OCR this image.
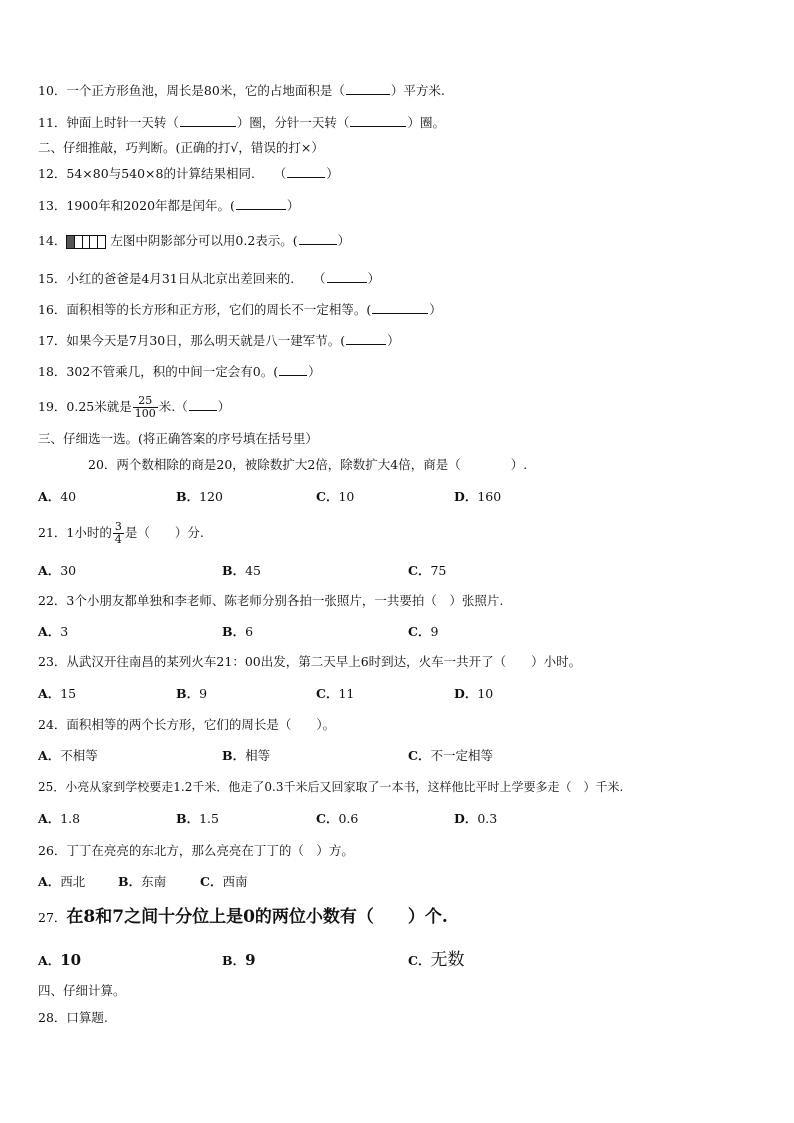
10．一个正方形鱼池，周长是80米，它的占地面积是（	）平方米.
11．钟面上时针一天转（	）圈，分针一天转（	）圈。
二、仔细推敲，巧判断。(正确的打√，错误的打×）
12．54×80与540×8的计算结果相同.　　（	）
13．1900年和2020年都是闰年。(	）
14．	左图中阴影部分可以用0.2表示。(	）
15．小红的爸爸是4月31日从北京出差回来的.　　（	）
16．面积相等的长方形和正方形，它们的周长不一定相等。(	）
17．如果今天是7月30日，那么明天就是八一建军节。(	）
18．302不管乘几，积的中间一定会有0。( ）
19．0.25米就是 $\frac{25}{100}$ 米.（ ）
三、仔细选一选。(将正确答案的序号填在括号里）
20．两个数相除的商是20，被除数扩大2倍，除数扩大4倍，商是（　　　　）.
A．40	B．120	C．10	D．160
21．1小时的 $\frac{3}{4}$ 是（　　）分.
A．30	B．45	C．75
22．3个小朋友都单独和李老师、陈老师分别各拍一张照片，一共要拍（　）张照片.
A．3	B．6	C．9
23．从武汉开往南昌的某列火车21：00出发，第二天早上6时到达，火车一共开了（　　）小时。
A．15	B．9	C．11	D．10
24．面积相等的两个长方形，它们的周长是（　　）。
A．不相等	B．相等	C．不一定相等
25．小亮从家到学校要走1.2千米．他走了0.3千米后又回家取了一本书，这样他比平时上学要多走（　）千米.
A．1.8	B．1.5	C．0.6	D．0.3
26．丁丁在亮亮的东北方，那么亮亮在丁丁的（　）方。
A．西北	B．东南	C．西南
27．在8和7之间十分位上是0的两位小数有（　　）个.
A．10	B．9	C．无数
四、仔细计算。
28．口算题.
